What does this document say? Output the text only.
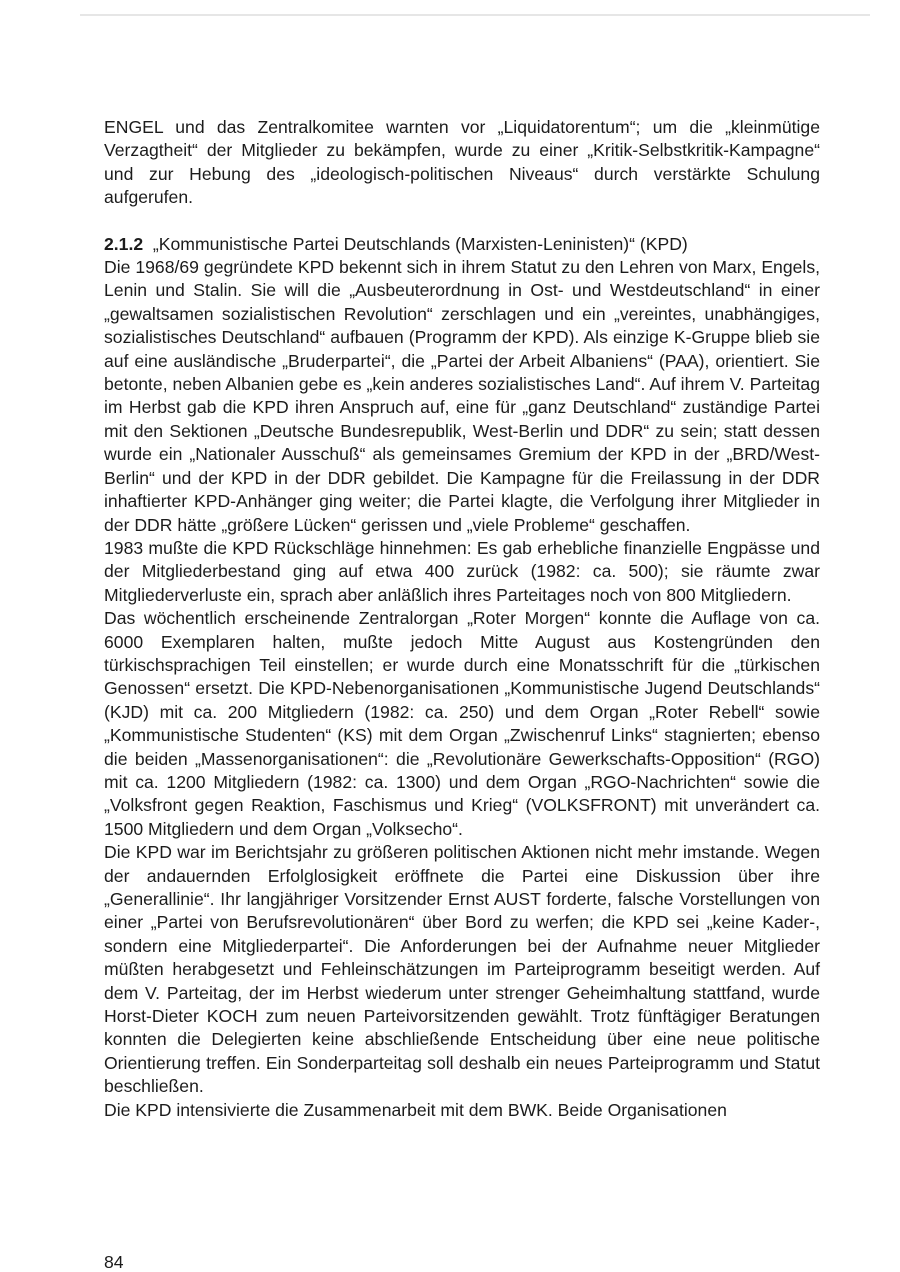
ENGEL und das Zentralkomitee warnten vor „Liquidatorentum“; um die „kleinmütige Verzagtheit“ der Mitglieder zu bekämpfen, wurde zu einer „Kritik-Selbstkritik-Kampagne“ und zur Hebung des „ideologisch-politischen Niveaus“ durch verstärkte Schulung aufgerufen.

2.1.2 „Kommunistische Partei Deutschlands (Marxisten-Leninisten)“ (KPD)

Die 1968/69 gegründete KPD bekennt sich in ihrem Statut zu den Lehren von Marx, Engels, Lenin und Stalin. Sie will die „Ausbeuterordnung in Ost- und Westdeutschland“ in einer „gewaltsamen sozialistischen Revolution“ zerschlagen und ein „vereintes, unabhängiges, sozialistisches Deutschland“ aufbauen (Programm der KPD). Als einzige K-Gruppe blieb sie auf eine ausländische „Bruderpartei“, die „Partei der Arbeit Albaniens“ (PAA), orientiert. Sie betonte, neben Albanien gebe es „kein anderes sozialistisches Land“. Auf ihrem V. Parteitag im Herbst gab die KPD ihren Anspruch auf, eine für „ganz Deutschland“ zuständige Partei mit den Sektionen „Deutsche Bundesrepublik, West-Berlin und DDR“ zu sein; statt dessen wurde ein „Nationaler Ausschuß“ als gemeinsames Gremium der KPD in der „BRD/West-Berlin“ und der KPD in der DDR gebildet. Die Kampagne für die Freilassung in der DDR inhaftierter KPD-Anhänger ging weiter; die Partei klagte, die Verfolgung ihrer Mitglieder in der DDR hätte „größere Lücken“ gerissen und „viele Probleme“ geschaffen.

1983 mußte die KPD Rückschläge hinnehmen: Es gab erhebliche finanzielle Engpässe und der Mitgliederbestand ging auf etwa 400 zurück (1982: ca. 500); sie räumte zwar Mitgliederverluste ein, sprach aber anläßlich ihres Parteitages noch von 800 Mitgliedern.

Das wöchentlich erscheinende Zentralorgan „Roter Morgen“ konnte die Auflage von ca. 6000 Exemplaren halten, mußte jedoch Mitte August aus Kostengründen den türkischsprachigen Teil einstellen; er wurde durch eine Monatsschrift für die „türkischen Genossen“ ersetzt. Die KPD-Nebenorganisationen „Kommunistische Jugend Deutschlands“ (KJD) mit ca. 200 Mitgliedern (1982: ca. 250) und dem Organ „Roter Rebell“ sowie „Kommunistische Studenten“ (KS) mit dem Organ „Zwischenruf Links“ stagnierten; ebenso die beiden „Massenorganisationen“: die „Revolutionäre Gewerkschafts-Opposition“ (RGO) mit ca. 1200 Mitgliedern (1982: ca. 1300) und dem Organ „RGO-Nachrichten“ sowie die „Volksfront gegen Reaktion, Faschismus und Krieg“ (VOLKSFRONT) mit unverändert ca. 1500 Mitgliedern und dem Organ „Volksecho“.

Die KPD war im Berichtsjahr zu größeren politischen Aktionen nicht mehr imstande. Wegen der andauernden Erfolglosigkeit eröffnete die Partei eine Diskussion über ihre „Generallinie“. Ihr langjähriger Vorsitzender Ernst AUST forderte, falsche Vorstellungen von einer „Partei von Berufsrevolutionären“ über Bord zu werfen; die KPD sei „keine Kader-, sondern eine Mitgliederpartei“. Die Anforderungen bei der Aufnahme neuer Mitglieder müßten herabgesetzt und Fehleinschätzungen im Parteiprogramm beseitigt werden. Auf dem V. Parteitag, der im Herbst wiederum unter strenger Geheimhaltung stattfand, wurde Horst-Dieter KOCH zum neuen Parteivorsitzenden gewählt. Trotz fünftägiger Beratungen konnten die Delegierten keine abschließende Entscheidung über eine neue politische Orientierung treffen. Ein Sonderparteitag soll deshalb ein neues Parteiprogramm und Statut beschließen.

Die KPD intensivierte die Zusammenarbeit mit dem BWK. Beide Organisationen

84
